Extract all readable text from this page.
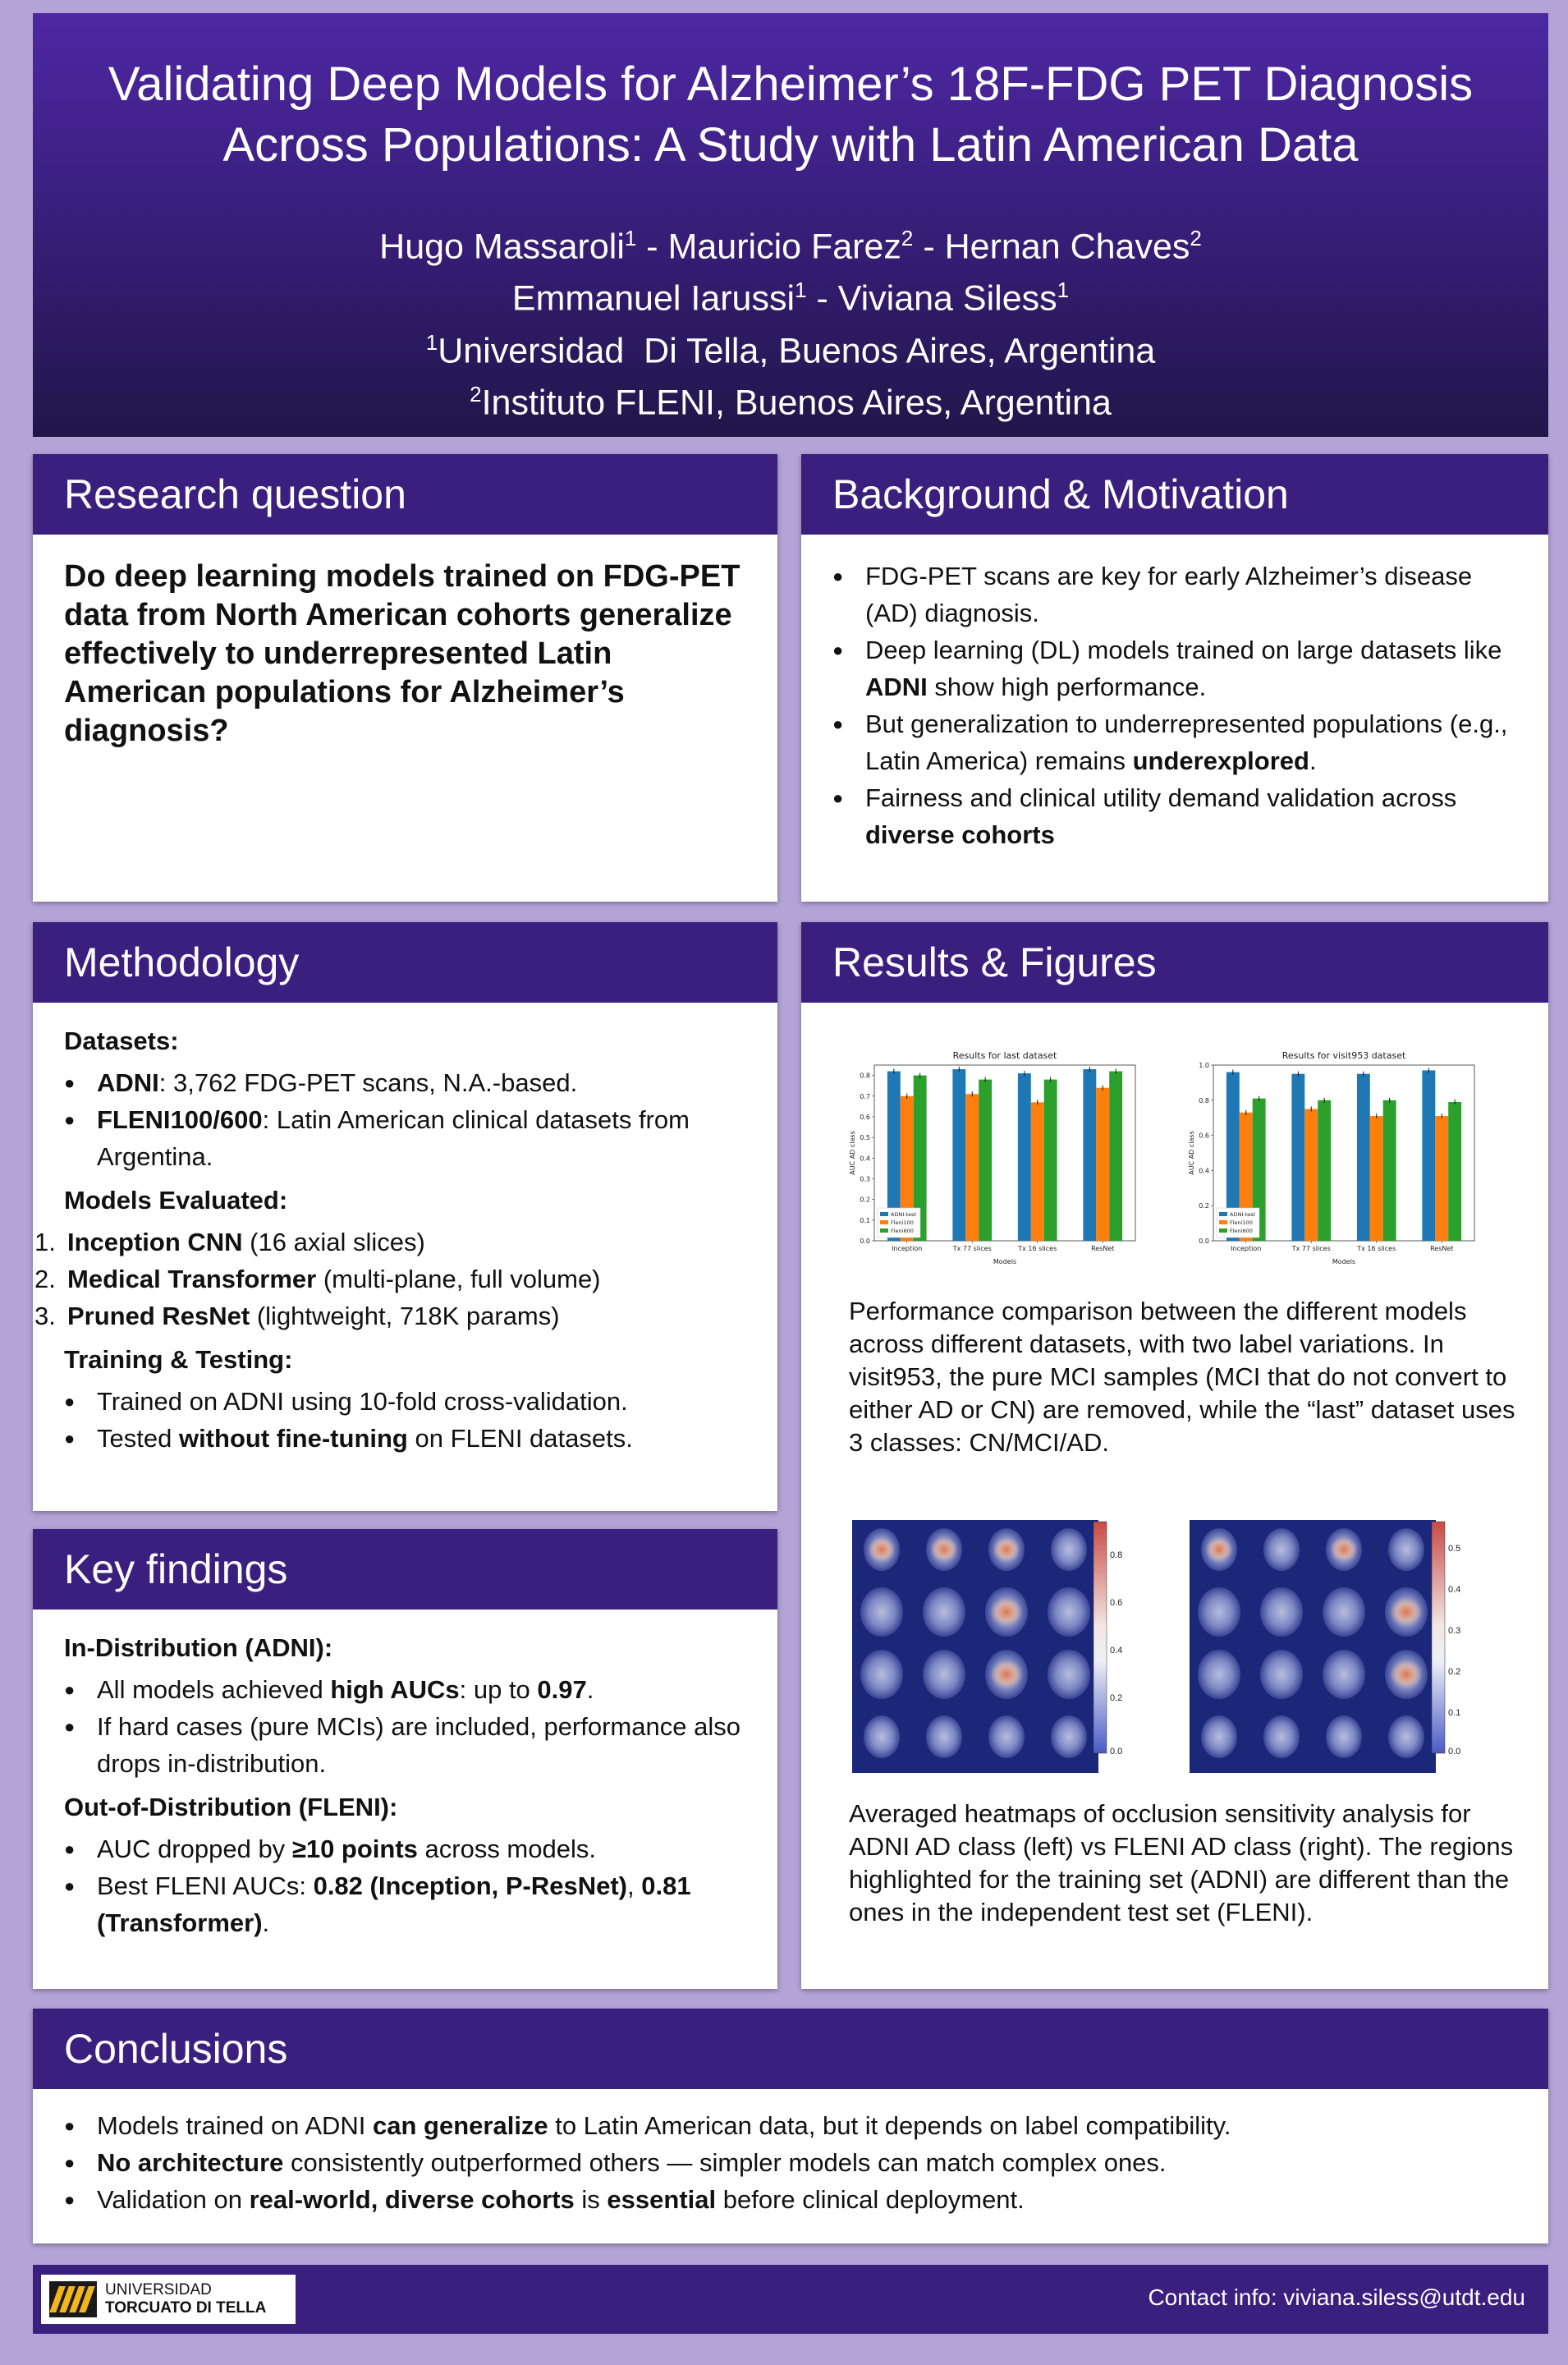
Validating Deep Models for Alzheimer’s 18F-FDG PET Diagnosis
Across Populations: A Study with Latin American Data
Hugo Massaroli$^1$ - Mauricio Farez$^2$ - Hernan Chaves$^2$
Emmanuel Iarussi$^1$ - Viviana Siless$^1$
$^1$Universidad  Di Tella, Buenos Aires, Argentina
$^2$Instituto FLENI, Buenos Aires, Argentina
Research question
Do deep learning models trained on FDG-PET data from North American cohorts generalize effectively to underrepresented Latin American populations for Alzheimer’s diagnosis?
Background & Motivation
● FDG-PET scans are key for early Alzheimer’s disease (AD) diagnosis.
● Deep learning (DL) models trained on large datasets like ADNI show high performance.
● But generalization to underrepresented populations (e.g., Latin America) remains underexplored.
● Fairness and clinical utility demand validation across diverse cohorts
Methodology
Datasets:
● ADNI: 3,762 FDG-PET scans, N.A.-based.
● FLENI100/600: Latin American clinical datasets from Argentina.
Models Evaluated:
1. Inception CNN (16 axial slices)
2. Medical Transformer (multi-plane, full volume)
3. Pruned ResNet (lightweight, 718K params)
Training & Testing:
● Trained on ADNI using 10-fold cross-validation.
● Tested without fine-tuning on FLENI datasets.
Key findings
In-Distribution (ADNI):
● All models achieved high AUCs: up to 0.97.
● If hard cases (pure MCIs) are included, performance also drops in-distribution.
Out-of-Distribution (FLENI):
● AUC dropped by ≥10 points across models.
● Best FLENI AUCs: 0.82 (Inception, P-ResNet), 0.81 (Transformer).
Results & Figures
Results for last dataset
0.0
0.1
0.2
0.3
0.4
0.5
0.6
0.7
0.8
AUC AD class
Models
Inception	Tx 77 slices	Tx 16 slices	ResNet
ADNI-test
Fleni100
Fleni600
Results for visit953 dataset
0.0
0.2
0.4
0.6
0.8
1.0
AUC AD class
Models
Inception	Tx 77 slices	Tx 16 slices	ResNet
ADNI-test
Fleni100
Fleni600
Performance comparison between the different models across different datasets, with two label variations. In visit953, the pure MCI samples (MCI that do not convert to either AD or CN) are removed, while the “last” dataset uses 3 classes: CN/MCI/AD.
0.8
0.6
0.4
0.2
0.0
0.5
0.4
0.3
0.2
0.1
0.0
Averaged heatmaps of occlusion sensitivity analysis for ADNI AD class (left) vs FLENI AD class (right). The regions highlighted for the training set (ADNI) are different than the ones in the independent test set (FLENI).
Conclusions
● Models trained on ADNI can generalize to Latin American data, but it depends on label compatibility.
● No architecture consistently outperformed others — simpler models can match complex ones.
● Validation on real-world, diverse cohorts is essential before clinical deployment.
UNIVERSIDAD
TORCUATO DI TELLA	Contact info: viviana.siless@utdt.edu
